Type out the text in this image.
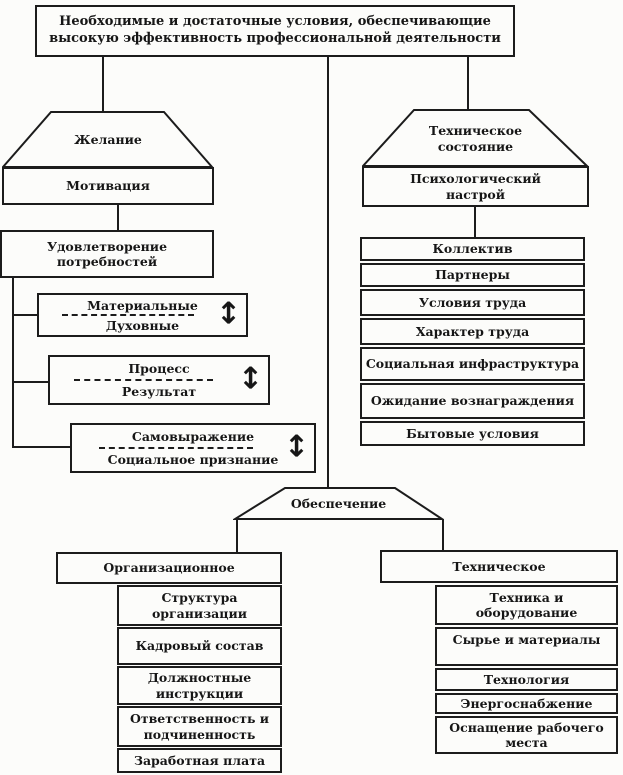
Необходимые и достаточные условия, обеспечивающие высокую эффективность профессиональной деятельности
Желание
Мотивация
Удовлетворение потребностей
Материальные
Духовные	↕
Процесс
Результат	↕
Самовыражение
Социальное признание ↕
Техническое состояние
Психологический настрой
Коллектив
Партнеры
Условия труда
Характер труда
Социальная инфраструктура
Ожидание вознаграждения
Бытовые условия
Обеспечение
Организационное
Структура организации
Кадровый состав
Должностные инструкции
Ответственность и подчиненность
Заработная плата
Техническое
Техника и оборудование
Сырье и материалы
Технология
Энергоснабжение
Оснащение рабочего места
